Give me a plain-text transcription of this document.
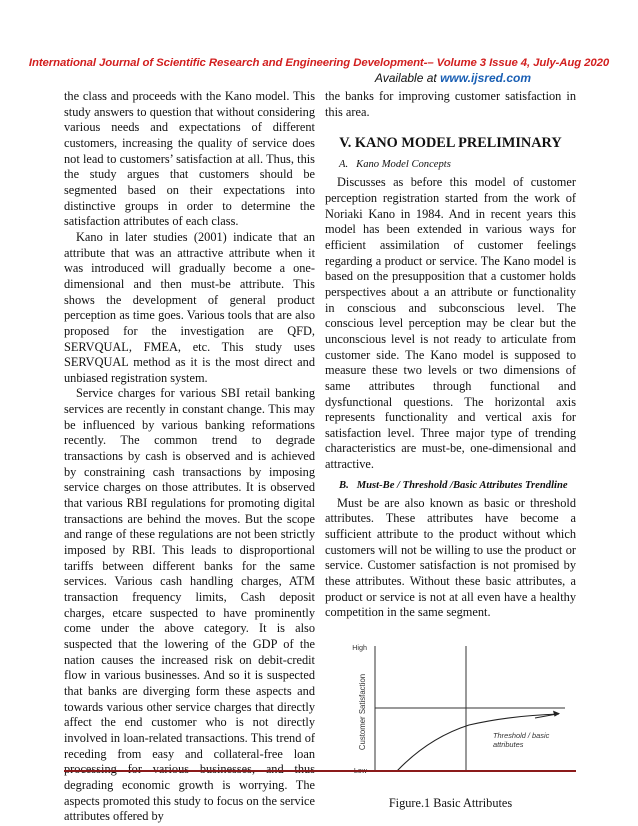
International Journal of Scientific Research and Engineering Development-– Volume 3 Issue 4, July-Aug 2020
Available at www.ijsred.com

the class and proceeds with the Kano model. This study answers to question that without considering various needs and expectations of different customers, increasing the quality of service does not lead to customers’ satisfaction at all. Thus, this the study argues that customers should be segmented based on their expectations into distinctive groups in order to determine the satisfaction attributes of each class.

Kano in later studies (2001) indicate that an attribute that was an attractive attribute when it was introduced will gradually become a one-dimensional and then must-be attribute. This shows the development of general product perception as time goes. Various tools that are also proposed for the investigation are QFD, SERVQUAL, FMEA, etc. This study uses SERVQUAL method as it is the most direct and unbiased registration system.

Service charges for various SBI retail banking services are recently in constant change. This may be influenced by various banking reformations recently. The common trend to degrade transactions by cash is observed and is achieved by constraining cash transactions by imposing service charges on those attributes. It is observed that various RBI regulations for promoting digital transactions are behind the moves. But the scope and range of these regulations are not been strictly imposed by RBI. This leads to disproportional tariffs between different banks for the same services. Various cash handling charges, ATM transaction frequency limits, Cash deposit charges, etcare suspected to have prominently come under the above category. It is also suspected that the lowering of the GDP of the nation causes the increased risk on debit-credit flow in various businesses. And so it is suspected that banks are diverging form these aspects and towards various other service charges that directly affect the end customer who is not directly involved in loan-related transactions. This trend of receding from easy and collateral-free loan degrading economic growth is worrying. The aspects promoted this study to focus on the service attributes offered by

the banks for improving customer satisfaction in this area.

V. KANO MODEL PRELIMINARY
A. Kano Model Concepts

Discusses as before this model of customer perception registration started from the work of Noriaki Kano in 1984. And in recent years this model has been extended in various ways for efficient assimilation of customer feelings regarding a product or service. The Kano model is based on the presupposition that a customer holds perspectives about a an attribute or functionality in conscious and subconscious level. The conscious level perception may be clear but the unconscious level is not ready to articulate from customer side. The Kano model is supposed to measure these two levels or two dimensions of same attributes through functional and dysfunctional questions. The horizontal axis represents functionality and vertical axis for satisfaction level. Three major type of trending characteristics are must-be, one-dimensional and attractive.

B. Must-Be / Threshold /Basic Attributes Trendline

Must be are also known as basic or threshold attributes. These attributes have become a sufficient attribute to the product without which customers will not be willing to use the product or service. Customer satisfaction is not promised by these attributes. Without these basic attributes, a product or service is not at all even have a healthy competition in the same segment.

High
Customer Satisfaction	Threshold / basic
attributes
Figure.1 Basic Attributes
